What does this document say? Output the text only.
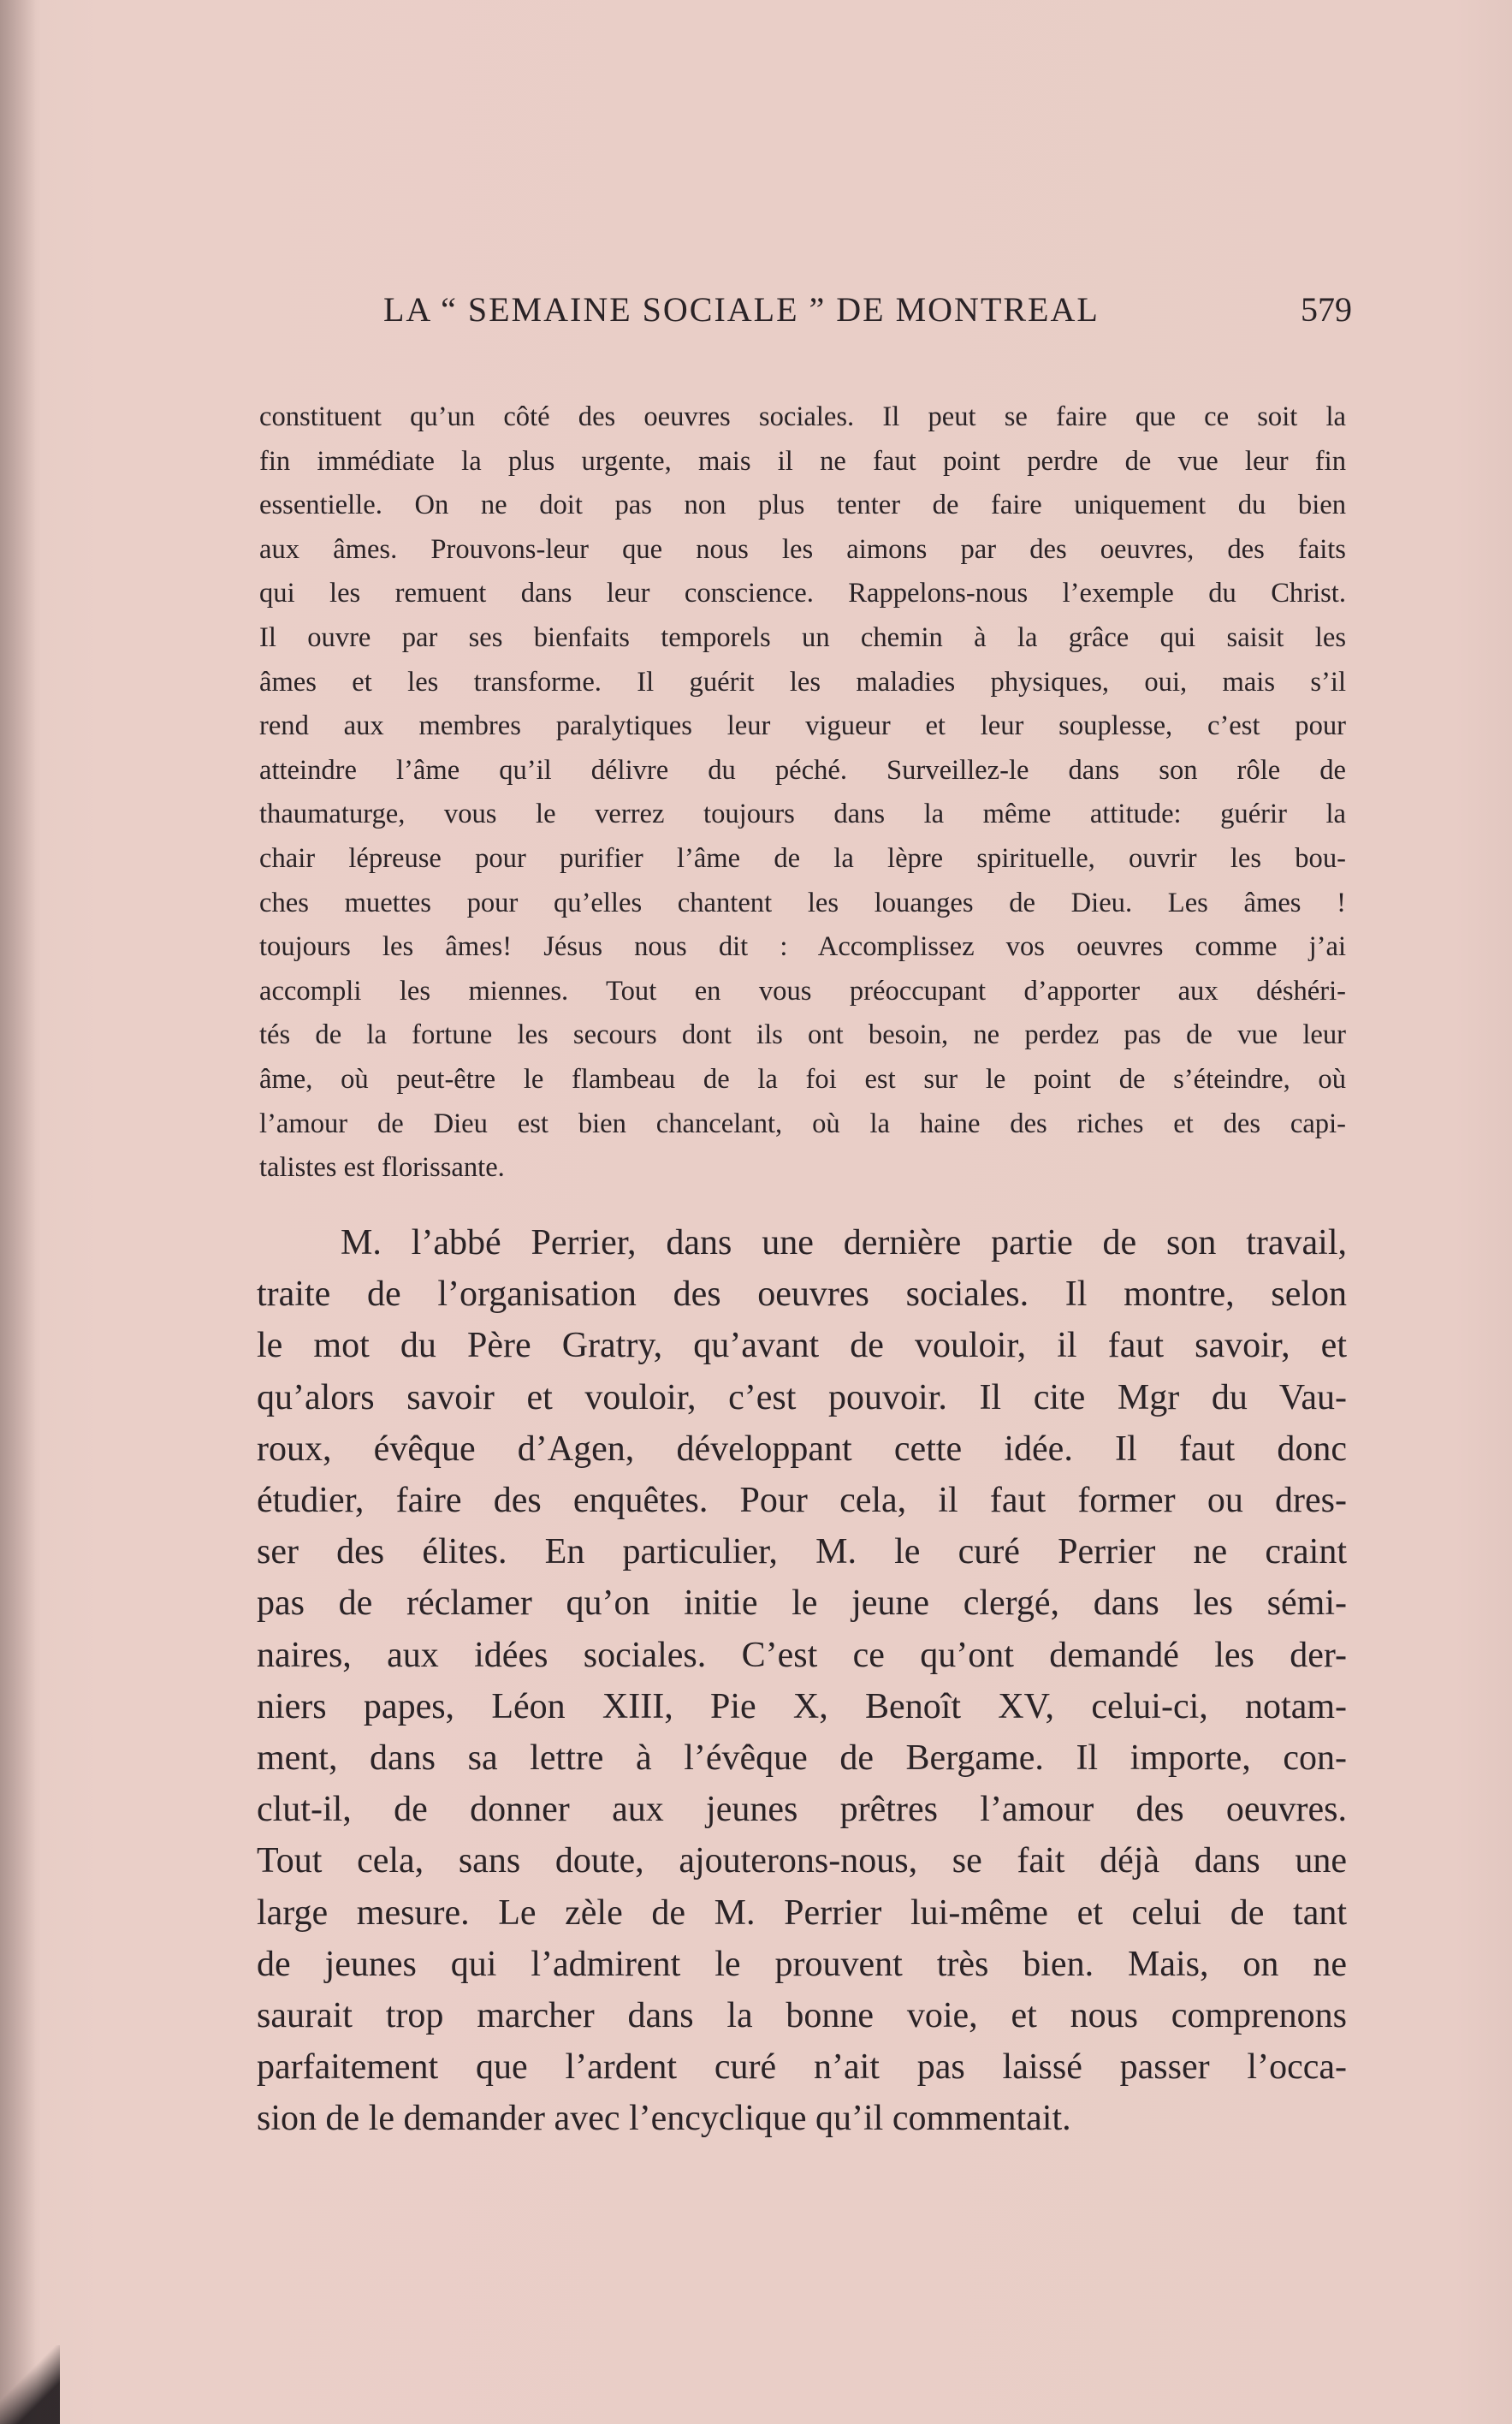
LA “ SEMAINE SOCIALE ” DE MONTREAL	579
constituent qu’un côté des oeuvres sociales. Il peut se faire que ce soit la
fin immédiate la plus urgente, mais il ne faut point perdre de vue leur fin
essentielle. On ne doit pas non plus tenter de faire uniquement du bien
aux âmes. Prouvons-leur que nous les aimons par des oeuvres, des faits
qui les remuent dans leur conscience. Rappelons-nous l’exemple du Christ.
Il ouvre par ses bienfaits temporels un chemin à la grâce qui saisit les
âmes et les transforme. Il guérit les maladies physiques, oui, mais s’il
rend aux membres paralytiques leur vigueur et leur souplesse, c’est pour
atteindre l’âme qu’il délivre du péché. Surveillez-le dans son rôle de
thaumaturge, vous le verrez toujours dans la même attitude: guérir la
chair lépreuse pour purifier l’âme de la lèpre spirituelle, ouvrir les bou-
ches muettes pour qu’elles chantent les louanges de Dieu. Les âmes !
toujours les âmes! Jésus nous dit : Accomplissez vos oeuvres comme j’ai
accompli les miennes. Tout en vous préoccupant d’apporter aux déshéri-
tés de la fortune les secours dont ils ont besoin, ne perdez pas de vue leur
âme, où peut-être le flambeau de la foi est sur le point de s’éteindre, où
l’amour de Dieu est bien chancelant, où la haine des riches et des capi-
talistes est florissante.
M. l’abbé Perrier, dans une dernière partie de son travail,
traite de l’organisation des oeuvres sociales. Il montre, selon
le mot du Père Gratry, qu’avant de vouloir, il faut savoir, et
qu’alors savoir et vouloir, c’est pouvoir. Il cite Mgr du Vau-
roux, évêque d’Agen, développant cette idée. Il faut donc
étudier, faire des enquêtes. Pour cela, il faut former ou dres-
ser des élites. En particulier, M. le curé Perrier ne craint
pas de réclamer qu’on initie le jeune clergé, dans les sémi-
naires, aux idées sociales. C’est ce qu’ont demandé les der-
niers papes, Léon XIII, Pie X, Benoît XV, celui-ci, notam-
ment, dans sa lettre à l’évêque de Bergame. Il importe, con-
clut-il, de donner aux jeunes prêtres l’amour des oeuvres.
Tout cela, sans doute, ajouterons-nous, se fait déjà dans une
large mesure. Le zèle de M. Perrier lui-même et celui de tant
de jeunes qui l’admirent le prouvent très bien. Mais, on ne
saurait trop marcher dans la bonne voie, et nous comprenons
parfaitement que l’ardent curé n’ait pas laissé passer l’occa-
sion de le demander avec l’encyclique qu’il commentait.
